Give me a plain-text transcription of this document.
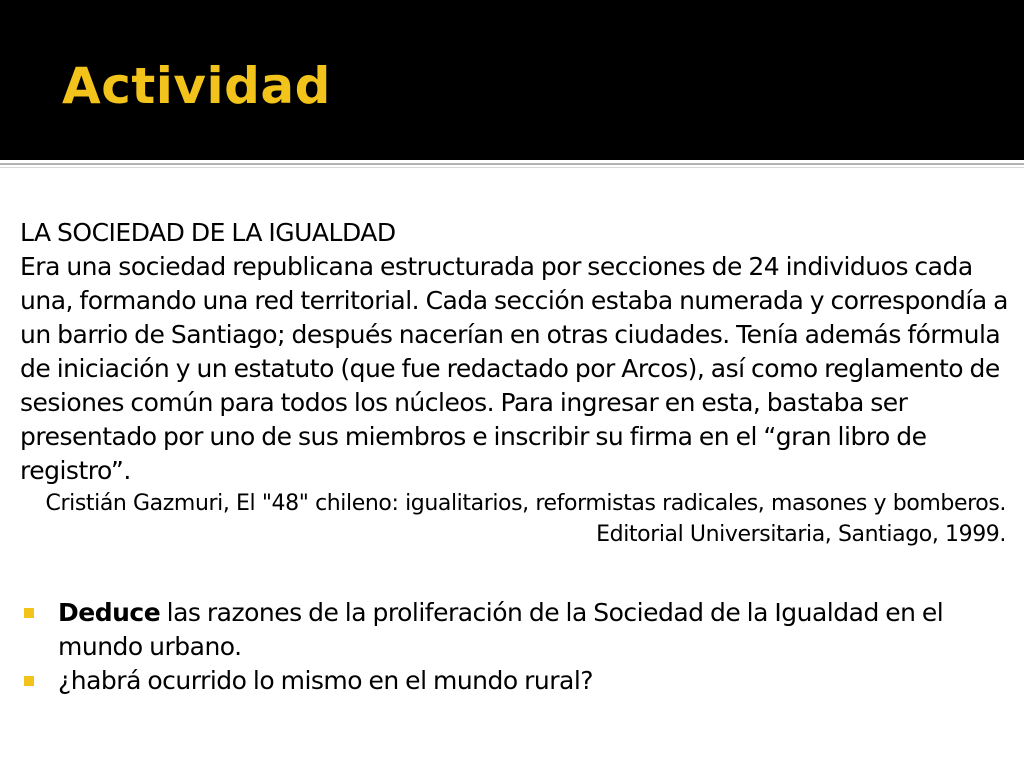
Actividad

LA SOCIEDAD DE LA IGUALDAD
Era una sociedad republicana estructurada por secciones de 24 individuos cada una, formando una red territorial. Cada sección estaba numerada y correspondía a un barrio de Santiago; después nacerían en otras ciudades. Tenía además fórmula de iniciación y un estatuto (que fue redactado por Arcos), así como reglamento de sesiones común para todos los núcleos. Para ingresar en esta, bastaba ser presentado por uno de sus miembros e inscribir su firma en el “gran libro de registro”.

Cristián Gazmuri, El "48" chileno: igualitarios, reformistas radicales, masones y bomberos. Editorial Universitaria, Santiago, 1999.

Deduce las razones de la proliferación de la Sociedad de la Igualdad en el mundo urbano.
¿habrá ocurrido lo mismo en el mundo rural?
